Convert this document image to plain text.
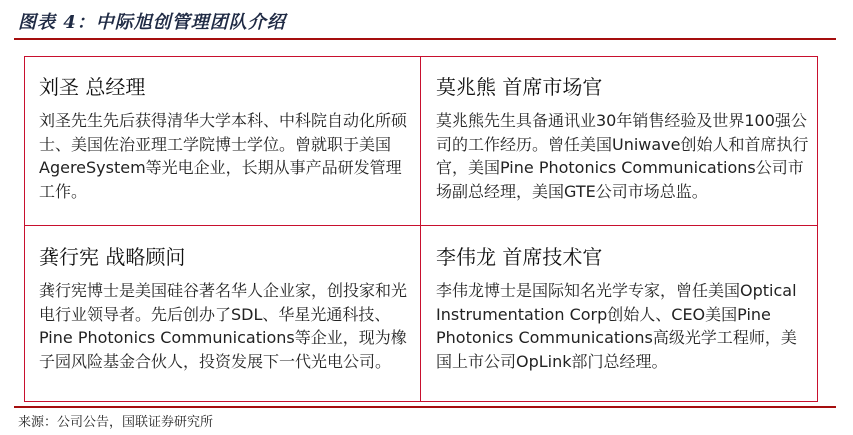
图表 4：中际旭创管理团队介绍
刘圣 总经理
刘圣先生先后获得清华大学本科、中科院自动化所硕士、美国佐治亚理工学院博士学位。曾就职于美国AgereSystem等光电企业，长期从事产品研发管理工作。
莫兆熊 首席市场官
莫兆熊先生具备通讯业30年销售经验及世界100强公司的工作经历。曾任美国Uniwave创始人和首席执行官，美国Pine Photonics Communications公司市场副总经理，美国GTE公司市场总监。
龚行宪 战略顾问
龚行宪博士是美国硅谷著名华人企业家，创投家和光电行业领导者。先后创办了SDL、华星光通科技、Pine Photonics Communications等企业，现为橡子园风险基金合伙人，投资发展下一代光电公司。
李伟龙 首席技术官
李伟龙博士是国际知名光学专家，曾任美国Optical Instrumentation Corp创始人、CEO美国Pine Photonics Communications高级光学工程师，美国上市公司OpLink部门总经理。
来源：公司公告，国联证券研究所
